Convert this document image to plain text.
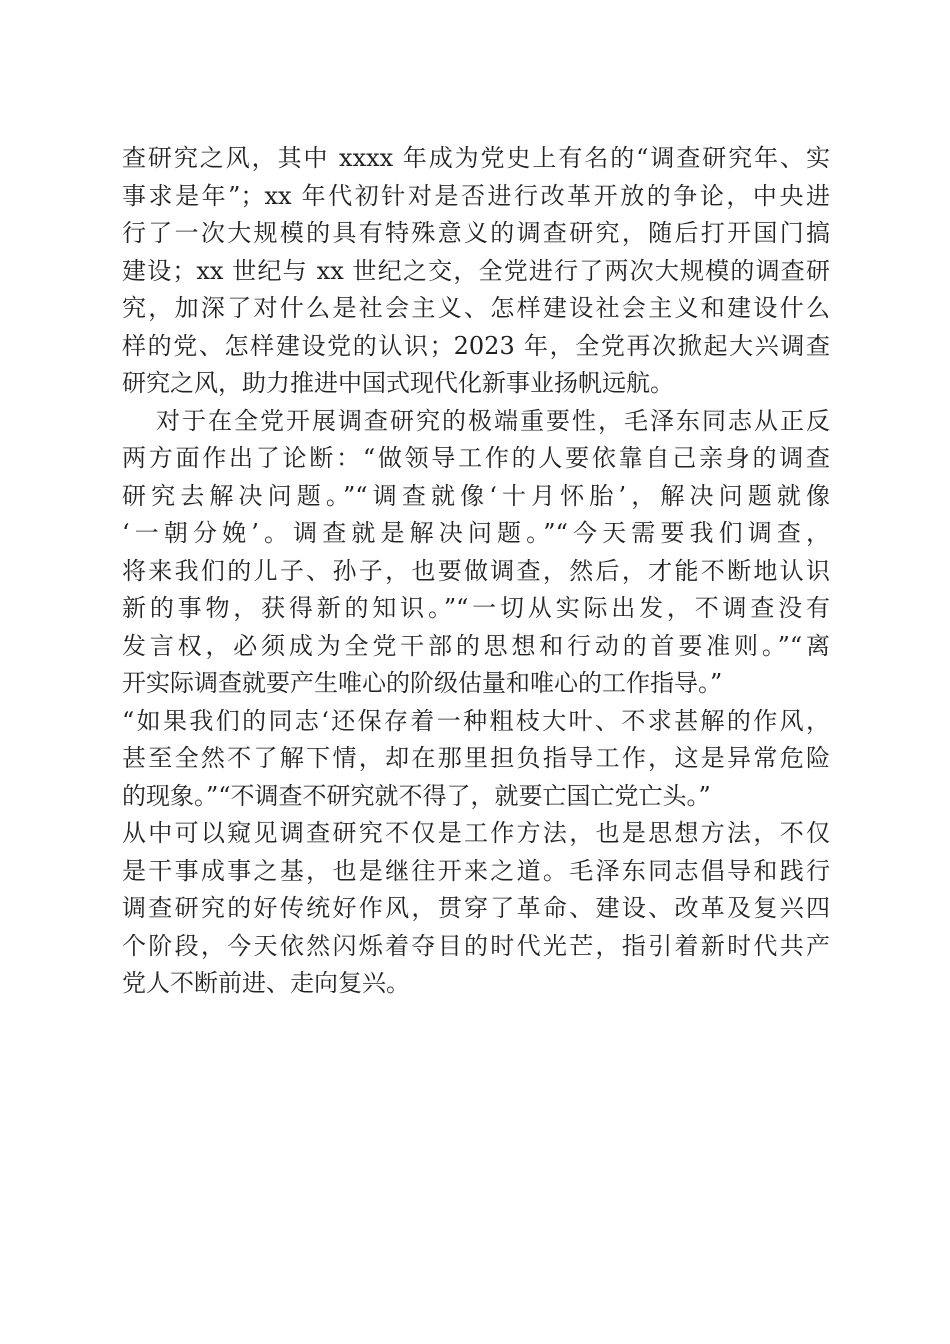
查研究之风，其中 xxxx 年成为党史上有名的“调查研究年、实
事求是年”；xx 年代初针对是否进行改革开放的争论，中央进
行了一次大规模的具有特殊意义的调查研究，随后打开国门搞
建设；xx 世纪与 xx 世纪之交，全党进行了两次大规模的调查研
究，加深了对什么是社会主义、怎样建设社会主义和建设什么
样的党、怎样建设党的认识；2023 年，全党再次掀起大兴调查
研究之风，助力推进中国式现代化新事业扬帆远航。
对于在全党开展调查研究的极端重要性，毛泽东同志从正反
两方面作出了论断：“做领导工作的人要依靠自己亲身的调查
研究去解决问题。”“调查就像‘十月怀胎’，解决问题就像
‘一朝分娩’。调查就是解决问题。”“今天需要我们调查，
将来我们的儿子、孙子，也要做调查，然后，才能不断地认识
新的事物，获得新的知识。”“一切从实际出发，不调查没有
发言权，必须成为全党干部的思想和行动的首要准则。”“离
开实际调查就要产生唯心的阶级估量和唯心的工作指导。”
“如果我们的同志‘还保存着一种粗枝大叶、不求甚解的作风，
甚至全然不了解下情，却在那里担负指导工作，这是异常危险
的现象。”“不调查不研究就不得了，就要亡国亡党亡头。”
从中可以窥见调查研究不仅是工作方法，也是思想方法，不仅
是干事成事之基，也是继往开来之道。毛泽东同志倡导和践行
调查研究的好传统好作风，贯穿了革命、建设、改革及复兴四
个阶段，今天依然闪烁着夺目的时代光芒，指引着新时代共产
党人不断前进、走向复兴。
